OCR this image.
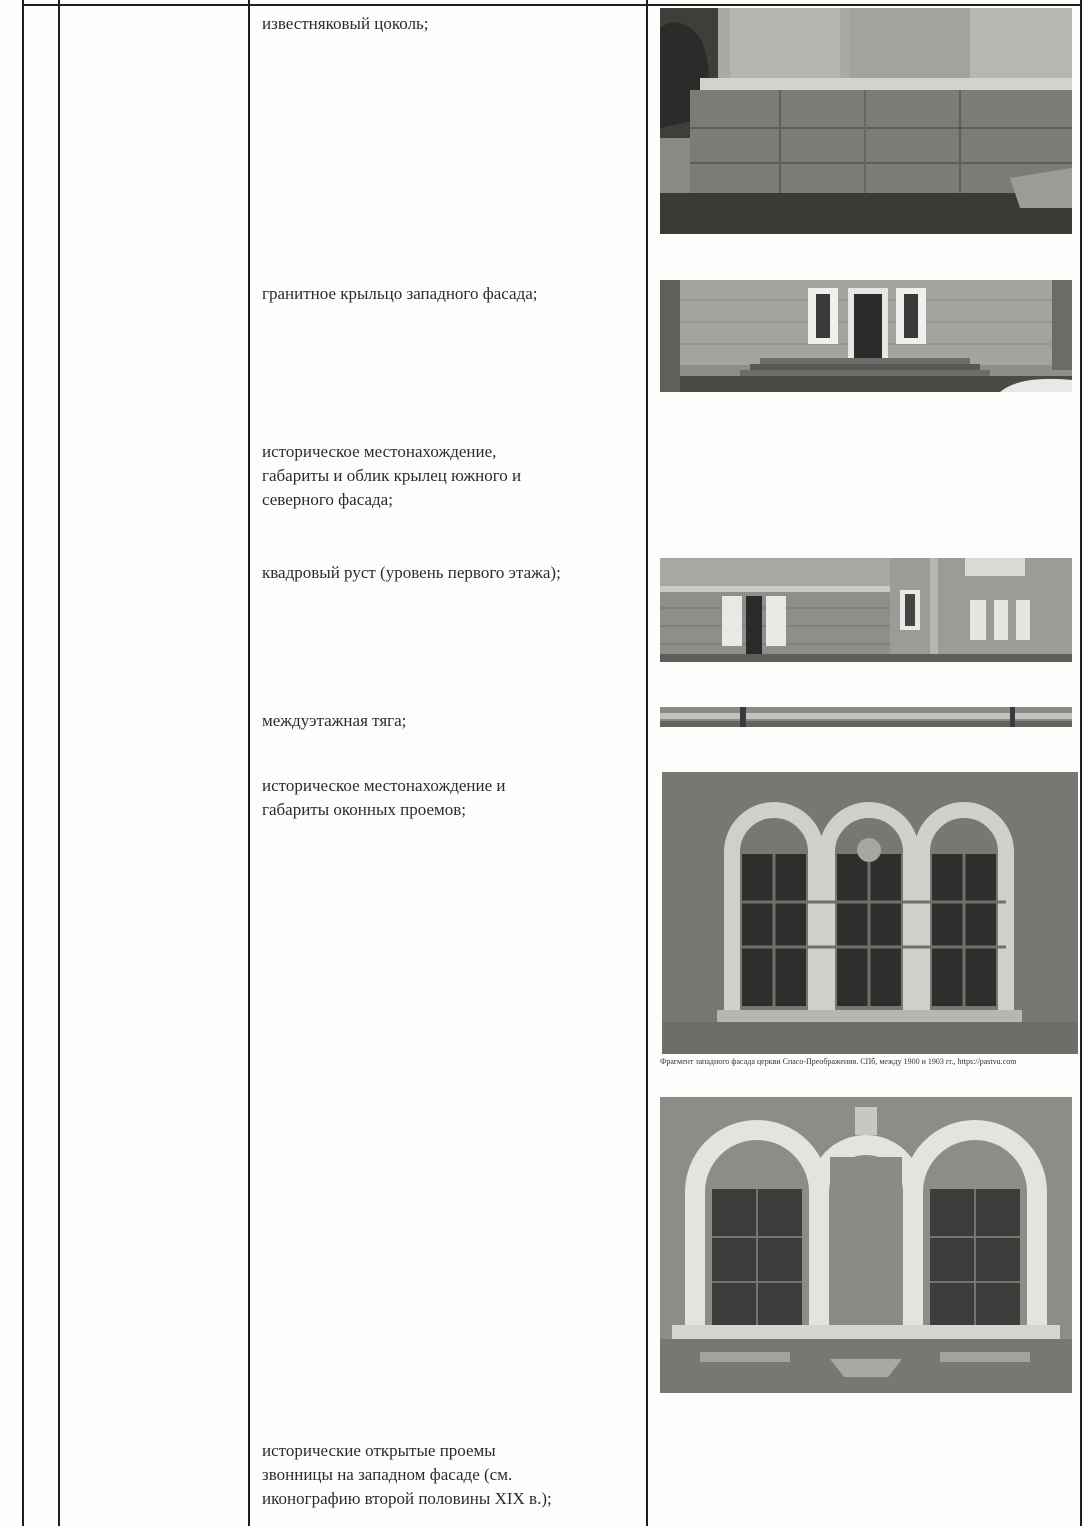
известняковый цоколь;
гранитное крыльцо западного фасада;
историческое местонахождение,
габариты и облик крылец южного и
северного фасада;
квадровый руст (уровень первого этажа);
междуэтажная тяга;
историческое местонахождение и
габариты оконных проемов;
исторические открытые проемы
звонницы на западном фасаде (см.
иконографию второй половины XIX в.);
Фрагмент западного фасада церкви Спасо-Преображения. СПб, между 1900 и 1903 гг., https://pastvu.com
